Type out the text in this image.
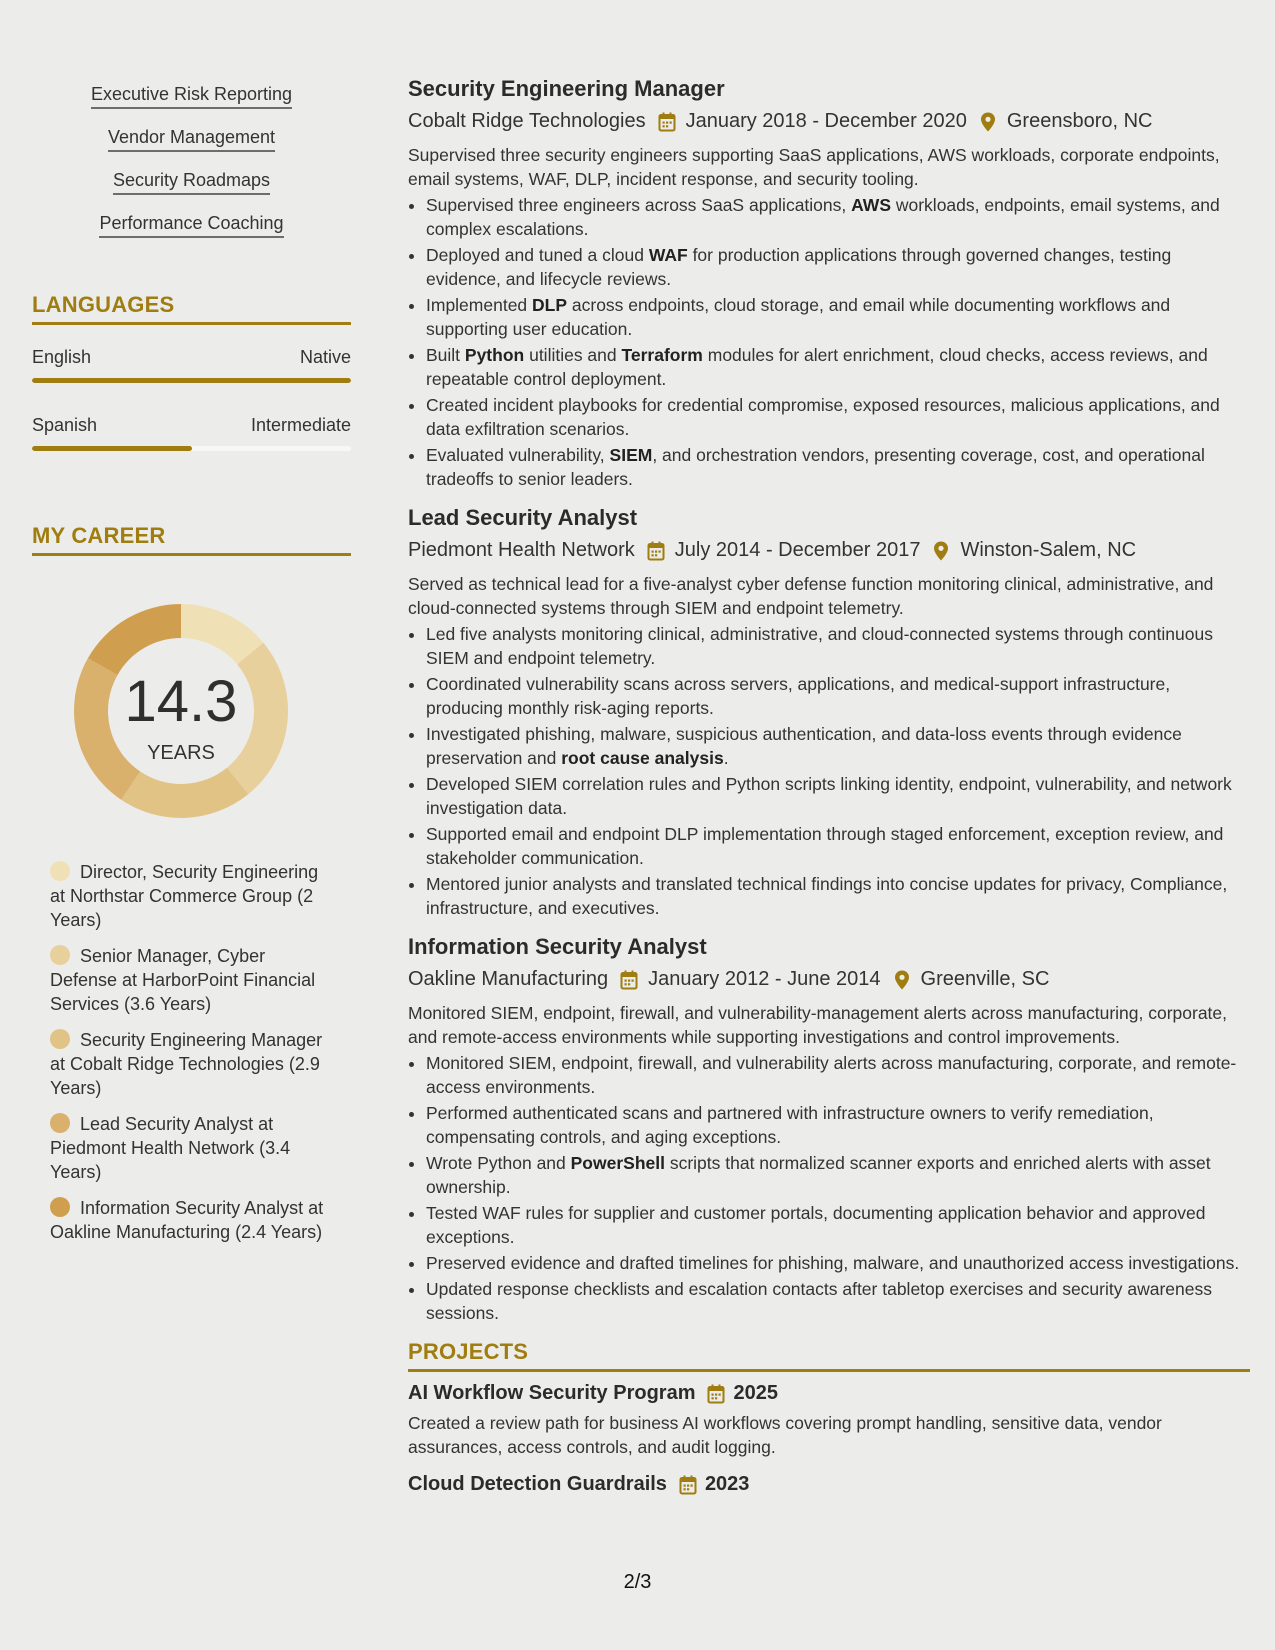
Executive Risk Reporting
Vendor Management
Security Roadmaps
Performance Coaching
LANGUAGES
English	Native
Spanish	Intermediate
MY CAREER
14.3
YEARS
Director, Security Engineering at Northstar Commerce Group (2 Years)
Senior Manager, Cyber Defense at HarborPoint Financial Services (3.6 Years)
Security Engineering Manager at Cobalt Ridge Technologies (2.9 Years)
Lead Security Analyst at Piedmont Health Network (3.4 Years)
Information Security Analyst at Oakline Manufacturing (2.4 Years)
Security Engineering Manager
Cobalt Ridge Technologies January 2018 - December 2020 Greensboro, NC
Supervised three security engineers supporting SaaS applications, AWS workloads, corporate endpoints, email systems, WAF, DLP, incident response, and security tooling.
• Supervised three engineers across SaaS applications, AWS workloads, endpoints, email systems, and complex escalations.
• Deployed and tuned a cloud WAF for production applications through governed changes, testing evidence, and lifecycle reviews.
• Implemented DLP across endpoints, cloud storage, and email while documenting workflows and supporting user education.
• Built Python utilities and Terraform modules for alert enrichment, cloud checks, access reviews, and repeatable control deployment.
• Created incident playbooks for credential compromise, exposed resources, malicious applications, and data exfiltration scenarios.
• Evaluated vulnerability, SIEM, and orchestration vendors, presenting coverage, cost, and operational tradeoffs to senior leaders.
Lead Security Analyst
Piedmont Health Network July 2014 - December 2017 Winston-Salem, NC
Served as technical lead for a five-analyst cyber defense function monitoring clinical, administrative, and cloud-connected systems through SIEM and endpoint telemetry.
• Led five analysts monitoring clinical, administrative, and cloud-connected systems through continuous SIEM and endpoint telemetry.
• Coordinated vulnerability scans across servers, applications, and medical-support infrastructure, producing monthly risk-aging reports.
• Investigated phishing, malware, suspicious authentication, and data-loss events through evidence preservation and root cause analysis.
• Developed SIEM correlation rules and Python scripts linking identity, endpoint, vulnerability, and network investigation data.
• Supported email and endpoint DLP implementation through staged enforcement, exception review, and stakeholder communication.
• Mentored junior analysts and translated technical findings into concise updates for privacy, Compliance, infrastructure, and executives.
Information Security Analyst
Oakline Manufacturing January 2012 - June 2014 Greenville, SC
Monitored SIEM, endpoint, firewall, and vulnerability-management alerts across manufacturing, corporate, and remote-access environments while supporting investigations and control improvements.
• Monitored SIEM, endpoint, firewall, and vulnerability alerts across manufacturing, corporate, and remote-access environments.
• Performed authenticated scans and partnered with infrastructure owners to verify remediation, compensating controls, and aging exceptions.
• Wrote Python and PowerShell scripts that normalized scanner exports and enriched alerts with asset ownership.
• Tested WAF rules for supplier and customer portals, documenting application behavior and approved exceptions.
• Preserved evidence and drafted timelines for phishing, malware, and unauthorized access investigations.
• Updated response checklists and escalation contacts after tabletop exercises and security awareness sessions.
PROJECTS
AI Workflow Security Program 2025
Created a review path for business AI workflows covering prompt handling, sensitive data, vendor assurances, access controls, and audit logging.
Cloud Detection Guardrails 2023
2/3
